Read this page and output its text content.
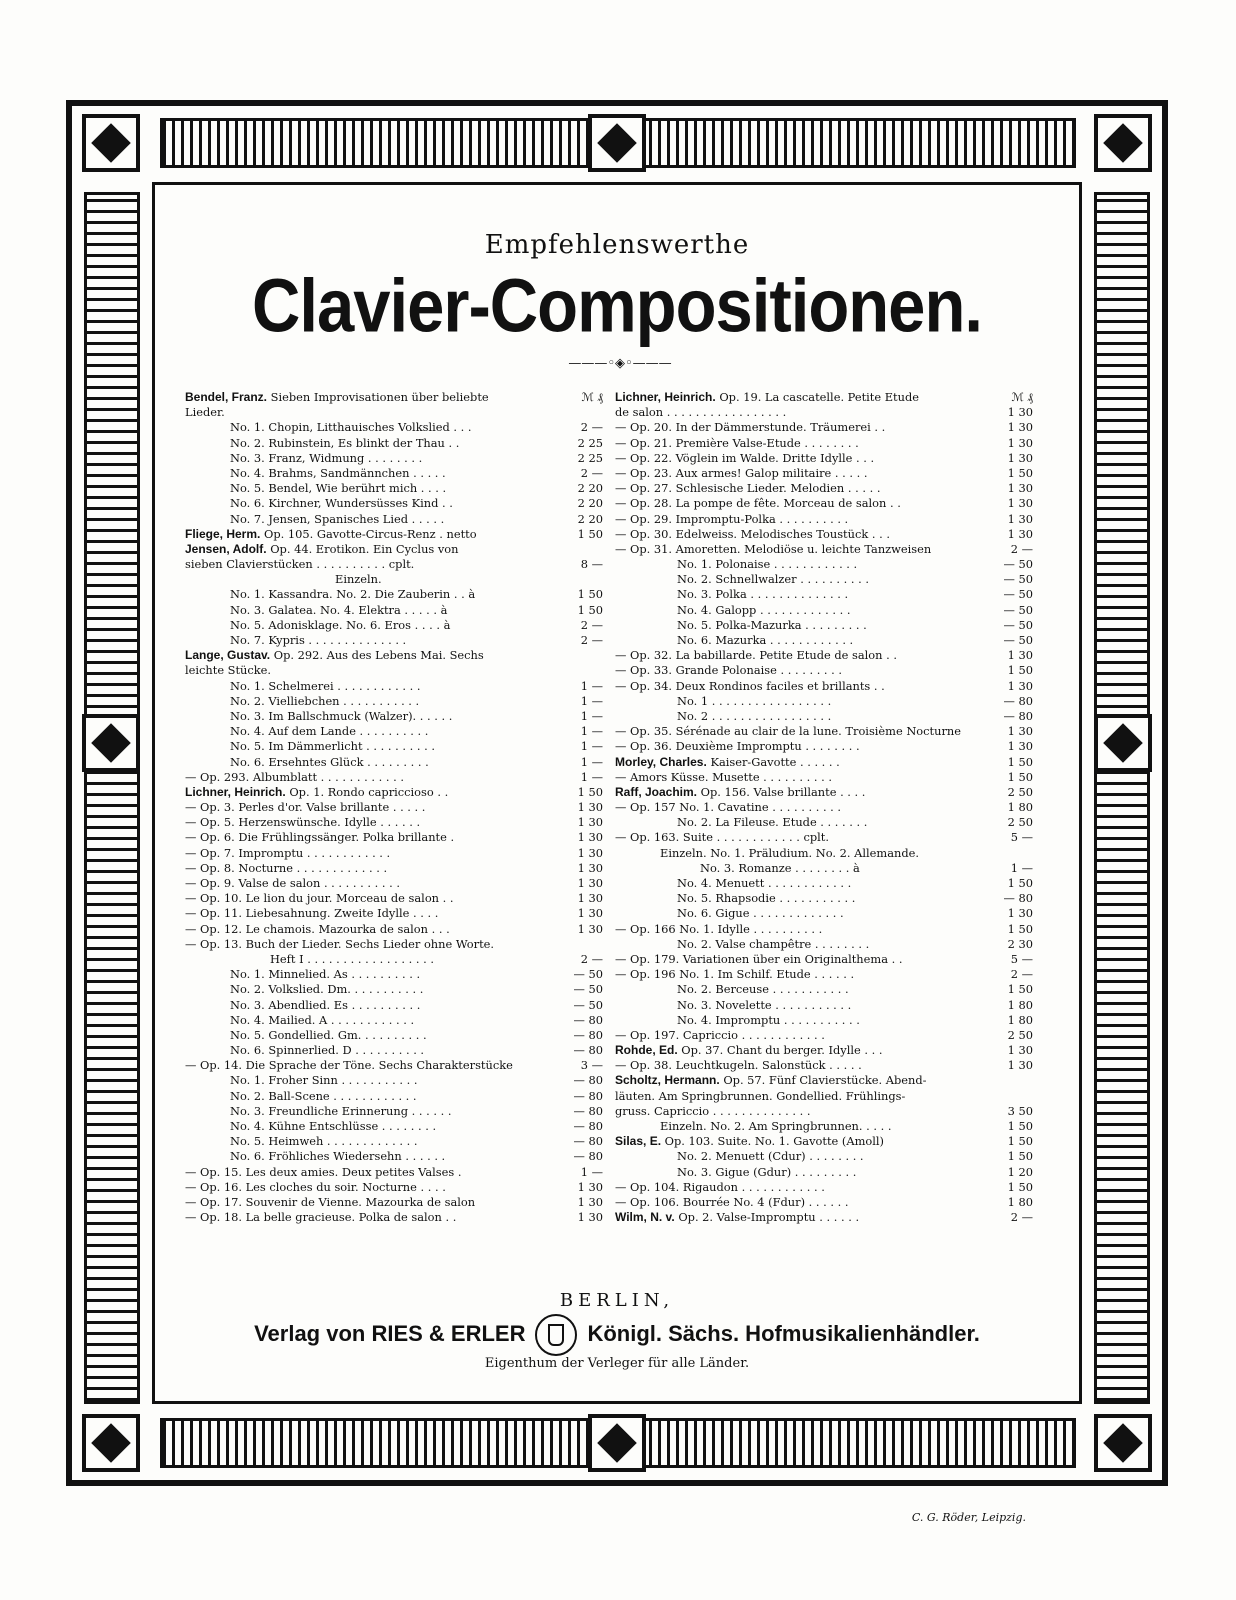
Empfehlenswerthe
Clavier-Compositionen.
———◦◈◦———
Bendel, Franz. Sieben Improvisationen über beliebte	ℳ ₰
Lieder.
No. 1. Chopin, Litthauisches Volkslied . . .	2 —
No. 2. Rubinstein, Es blinkt der Thau . .	2 25
No. 3. Franz, Widmung . . . . . . . .	2 25
No. 4. Brahms, Sandmännchen . . . . .	2 —
No. 5. Bendel, Wie berührt mich . . . .	2 20
No. 6. Kirchner, Wundersüsses Kind . .	2 20
No. 7. Jensen, Spanisches Lied . . . . .	2 20
Fliege, Herm. Op. 105. Gavotte-Circus-Renz . netto	1 50
Jensen, Adolf. Op. 44. Erotikon. Ein Cyclus von
sieben Clavierstücken . . . . . . . . . . cplt.	8 —
Einzeln.
No. 1. Kassandra. No. 2. Die Zauberin . . à	1 50
No. 3. Galatea. No. 4. Elektra . . . . . à	1 50
No. 5. Adonisklage. No. 6. Eros . . . . à	2 —
No. 7. Kypris . . . . . . . . . . . . . .	2 —
Lange, Gustav. Op. 292. Aus des Lebens Mai. Sechs
leichte Stücke.
No. 1. Schelmerei . . . . . . . . . . . .	1 —
No. 2. Vielliebchen . . . . . . . . . . .	1 —
No. 3. Im Ballschmuck (Walzer). . . . . .	1 —
No. 4. Auf dem Lande . . . . . . . . . .	1 —
No. 5. Im Dämmerlicht . . . . . . . . . .	1 —
No. 6. Ersehntes Glück . . . . . . . . .	1 —
— Op. 293. Albumblatt . . . . . . . . . . . .	1 —
Lichner, Heinrich. Op. 1. Rondo capriccioso . .	1 50
— Op. 3. Perles d'or. Valse brillante . . . . .	1 30
— Op. 5. Herzenswünsche. Idylle . . . . . .	1 30
— Op. 6. Die Frühlingssänger. Polka brillante .	1 30
— Op. 7. Impromptu . . . . . . . . . . . .	1 30
— Op. 8. Nocturne . . . . . . . . . . . . .	1 30
— Op. 9. Valse de salon . . . . . . . . . . .	1 30
— Op. 10. Le lion du jour. Morceau de salon . .	1 30
— Op. 11. Liebesahnung. Zweite Idylle . . . .	1 30
— Op. 12. Le chamois. Mazourka de salon . . .	1 30
— Op. 13. Buch der Lieder. Sechs Lieder ohne Worte.
Heft I . . . . . . . . . . . . . . . . . .	2 —
No. 1. Minnelied. As . . . . . . . . . .	— 50
No. 2. Volkslied. Dm. . . . . . . . . . .	— 50
No. 3. Abendlied. Es . . . . . . . . . .	— 50
No. 4. Mailied. A . . . . . . . . . . . .	— 80
No. 5. Gondellied. Gm. . . . . . . . . .	— 80
No. 6. Spinnerlied. D . . . . . . . . . .	— 80
— Op. 14. Die Sprache der Töne. Sechs Charakterstücke	3 —
No. 1. Froher Sinn . . . . . . . . . . .	— 80
No. 2. Ball-Scene . . . . . . . . . . . .	— 80
No. 3. Freundliche Erinnerung . . . . . .	— 80
No. 4. Kühne Entschlüsse . . . . . . . .	— 80
No. 5. Heimweh . . . . . . . . . . . . .	— 80
No. 6. Fröhliches Wiedersehn . . . . . .	— 80
— Op. 15. Les deux amies. Deux petites Valses .	1 —
— Op. 16. Les cloches du soir. Nocturne . . . .	1 30
— Op. 17. Souvenir de Vienne. Mazourka de salon	1 30
— Op. 18. La belle gracieuse. Polka de salon . .	1 30
Lichner, Heinrich. Op. 19. La cascatelle. Petite Etude	ℳ ₰
de salon . . . . . . . . . . . . . . . . .	1 30
— Op. 20. In der Dämmerstunde. Träumerei . .	1 30
— Op. 21. Première Valse-Etude . . . . . . . .	1 30
— Op. 22. Vöglein im Walde. Dritte Idylle . . .	1 30
— Op. 23. Aux armes! Galop militaire . . . . .	1 50
— Op. 27. Schlesische Lieder. Melodien . . . . .	1 30
— Op. 28. La pompe de fête. Morceau de salon . .	1 30
— Op. 29. Impromptu-Polka . . . . . . . . . .	1 30
— Op. 30. Edelweiss. Melodisches Toustück . . .	1 30
— Op. 31. Amoretten. Melodiöse u. leichte Tanzweisen	2 —
No. 1. Polonaise . . . . . . . . . . . .	— 50
No. 2. Schnellwalzer . . . . . . . . . .	— 50
No. 3. Polka . . . . . . . . . . . . . .	— 50
No. 4. Galopp . . . . . . . . . . . . .	— 50
No. 5. Polka-Mazurka . . . . . . . . .	— 50
No. 6. Mazurka . . . . . . . . . . . .	— 50
— Op. 32. La babillarde. Petite Etude de salon . .	1 30
— Op. 33. Grande Polonaise . . . . . . . . .	1 50
— Op. 34. Deux Rondinos faciles et brillants . .	1 30
No. 1 . . . . . . . . . . . . . . . . .	— 80
No. 2 . . . . . . . . . . . . . . . . .	— 80
— Op. 35. Sérénade au clair de la lune. Troisième Nocturne	1 30
— Op. 36. Deuxième Impromptu . . . . . . . .	1 30
Morley, Charles. Kaiser-Gavotte . . . . . .	1 50
— Amors Küsse. Musette . . . . . . . . . .	1 50
Raff, Joachim. Op. 156. Valse brillante . . . .	2 50
— Op. 157 No. 1. Cavatine . . . . . . . . . .	1 80
No. 2. La Fileuse. Etude . . . . . . .	2 50
— Op. 163. Suite . . . . . . . . . . . . cplt.	5 —
Einzeln. No. 1. Präludium. No. 2. Allemande.
No. 3. Romanze . . . . . . . . à	1 —
No. 4. Menuett . . . . . . . . . . . .	1 50
No. 5. Rhapsodie . . . . . . . . . . .	— 80
No. 6. Gigue . . . . . . . . . . . . .	1 30
— Op. 166 No. 1. Idylle . . . . . . . . . .	1 50
No. 2. Valse champêtre . . . . . . . .	2 30
— Op. 179. Variationen über ein Originalthema . .	5 —
— Op. 196 No. 1. Im Schilf. Etude . . . . . .	2 —
No. 2. Berceuse . . . . . . . . . . .	1 50
No. 3. Novelette . . . . . . . . . . .	1 80
No. 4. Impromptu . . . . . . . . . . .	1 80
— Op. 197. Capriccio . . . . . . . . . . . .	2 50
Rohde, Ed. Op. 37. Chant du berger. Idylle . . .	1 30
— Op. 38. Leuchtkugeln. Salonstück . . . . .	1 30
Scholtz, Hermann. Op. 57. Fünf Clavierstücke. Abend-
läuten. Am Springbrunnen. Gondellied. Frühlings-
gruss. Capriccio . . . . . . . . . . . . . .	3 50
Einzeln. No. 2. Am Springbrunnen. . . . .	1 50
Silas, E. Op. 103. Suite. No. 1. Gavotte (Amoll)	1 50
No. 2. Menuett (Cdur) . . . . . . . .	1 50
No. 3. Gigue (Gdur) . . . . . . . . .	1 20
— Op. 104. Rigaudon . . . . . . . . . . . .	1 50
— Op. 106. Bourrée No. 4 (Fdur) . . . . . .	1 80
Wilm, N. v. Op. 2. Valse-Impromptu . . . . . .	2 —
BERLIN,
Verlag von RIES & ERLER	Königl. Sächs. Hofmusikalienhändler.
Eigenthum der Verleger für alle Länder.
C. G. Röder, Leipzig.
